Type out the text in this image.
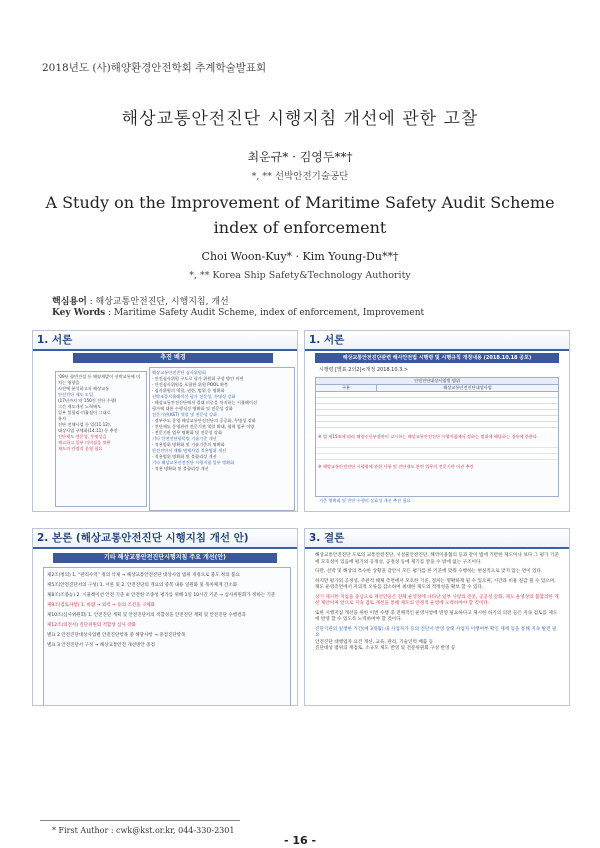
2018년도 (사)해양환경안전학회 추계학술발표회
해상교통안전진단 시행지침 개선에 관한 고찰
최운규* · 김영두**†
*, ** 선박안전기술공단
A Study on the Improvement of Maritime Safety Audit Scheme index of enforcement
Choi Woon-Kuy* · Kim Young-Du**†
*, ** Korea Ship Safety&Technology Authority
핵심용어 : 해상교통안전진단, 시행지침, 개선
Key Words : Maritime Safety Audit Scheme, index of enforcement, Improvement
1. 서론
추진 배경
‘09년 항만건설 등 해양개발이 선박교통에 미치는 영향을
사전에 분석하고자 해상교통
안전진단 제도 도입
(17년까지 약 150건 진단 수행)
그간 제도개선 노력에도
일부 불합리·미흡점이 그대로
유지
진단 전체사업 등 입(11.12),
대상사업 구체화(14.11) 등 추진
진단제도 전문성, 투명성을
제고하고 일부 미비점을 보완
제도의 안정적 운영 필요
해상교통안전진단 심사위원회
· 안전심사위원 구도로 평가 위원회 구성 방안 마련
· 안전심사위원을 포함한 위원 POOL 확충
· 심사위원의 역할, 권한, 범위 등 명확화
선박조종시뮬레이션 평가 전문성, 투명성 강화
· 해상교통안전진단에서 절대 비중을 차지하는 시뮬레이션
평가에 대한 수행직성 명확화 및 전문성 강화
전문기관(KST) 역할 및 전문성 강화
· 정부주도 운영 해상교통안전진단의 공공화, 투명성 강화
· 진단제도 운영관련 전문기관 역할 확대, 협력 업무 이양
· 전문기관 업무 명확화 및 전문성 강화
기타 안전진단항목별 기술기준 개선
· 적용범위 명확화 및 기술기준의 명확화
안전진단서 재활 면제사업 적용범위 개선
· 적용범위 명확화 및 불합리성 개선
기타 해상교통안전진단 시행지침 일부 명확화
· 적용 명확화 및 불합리성 개선
1. 서론
해상교통안전진단관련 해사안전법 시행령 및 시행규칙 개정내용 (2018.10.18 공포)
시행령 [별표 2의2]<개정 2018.10.3.>
안전진단대상사업별 범위
구분	해상교통안전진단대상사업
※ 법 제15조에 따라 해양수산부장관이 고시하는 해상교통안전진단 시행지침에서 정하는 범위에 해당하는 경우에 한한다.
※ 해양교통안전진단 시행령에 관한 사항 및 진단제도 관련 업무의 전문기관 이관 추진
기준 명확화 및 진단 수행의 실효성 개선 추진 필요
2. 본론 (해상교통안전진단 시행지침 개선 안)
기타 해상교통안전진단시행지침 주요 개선(안)
제2조(정의) 1. “관리수역” 정의 삭제 → 해상교통안전진단 대상사업 범위 개정으로 불도 정의 불요
제5조(안전진단서의 구성) 1. 서론 및 2. 안전진단의 개요의 중복 내용 일원화 및 목차체계 간소화
제8조(조종능) 2. 시뮬레이션 안전 기준 ⑥ 안전한 조종성 평가를 위해 1일 10시간 기준 → 심사위원회가 정하는 기준
제9조(검토사항) 1. 바람 → 외력 → 등의 조건을 구체화
제10조(심사위원회) 1. 안전진단 계획 및 안전진단서의 적합성을 안전진단 계획 및 안전진단 수행결과
제12조(의견서) 진단위원의 적합성 심사 강화
별표 2 안전진단대상사업별 안전진단항목 중 해당사항 → 중점진단항목
별표 3 안전진단서 구성 → 해상교통안전 개선방안 중점
3. 결론
해상교통안전진단 도로의 교통안전진단, 시설물안전진단, 해역이용협의 등과 같이 법에 기반한 제도이나 보다 그 평가 기준에 모호성이 있음에 평가의 공정성, 공정성 등에 제기를 받을 수 밖에 없는 구조이다.
다만, 선박 및 해상의 특수한 상황을 감안시 모든 평가를 한 기준에 맞춰 수행하는 현실적으로 맞지 않는 면이 있다.
하지만 평가의 공정성, 주관적 해제 측면에서 모호한 기준, 절차는 명확하게 될 수 있으며, 시간과 비용 절감 될 수 있으며, 제도 운영측면에서 자의적 오류를 감소하여 최대한 제도의 적정성을 확보 할 수 있다.
상기 제시한 지침을 중심으로 개선안들은 전체 운영상에 나타난 일부 사항의 전문, 공공성 강화, 제도 운영상의 불합리한 개선 제안이며 앞으로 지속 검토 개선을 통해 제도의 안정적 운영에 노력하여야 할 것이다.
또한 시행지침 개선을 위한 이번 수행 중 전체적인 운영사항에 반영 필요하다고 제시한 하기의 의견 들은 지속 검토를 제도에 반영 할 수 있도록 노력하여야 할 것이다.
진단기관의 일정한 기간(예 3개월) 내 사업자가 동의 진단서 반영 상태 사업자 이행여부 확인 제재 등을 통해 지속 발전 필요
안전진단 대행업자 요건 개선, 교육, 관리, 기술인력 배출 등
진단대상 범위의 재검토, 소규모 제도 반영 및 전문위원회 구성 반영 등
* First Author : cwk@kst.or.kr, 044-330-2301
- 16 -
